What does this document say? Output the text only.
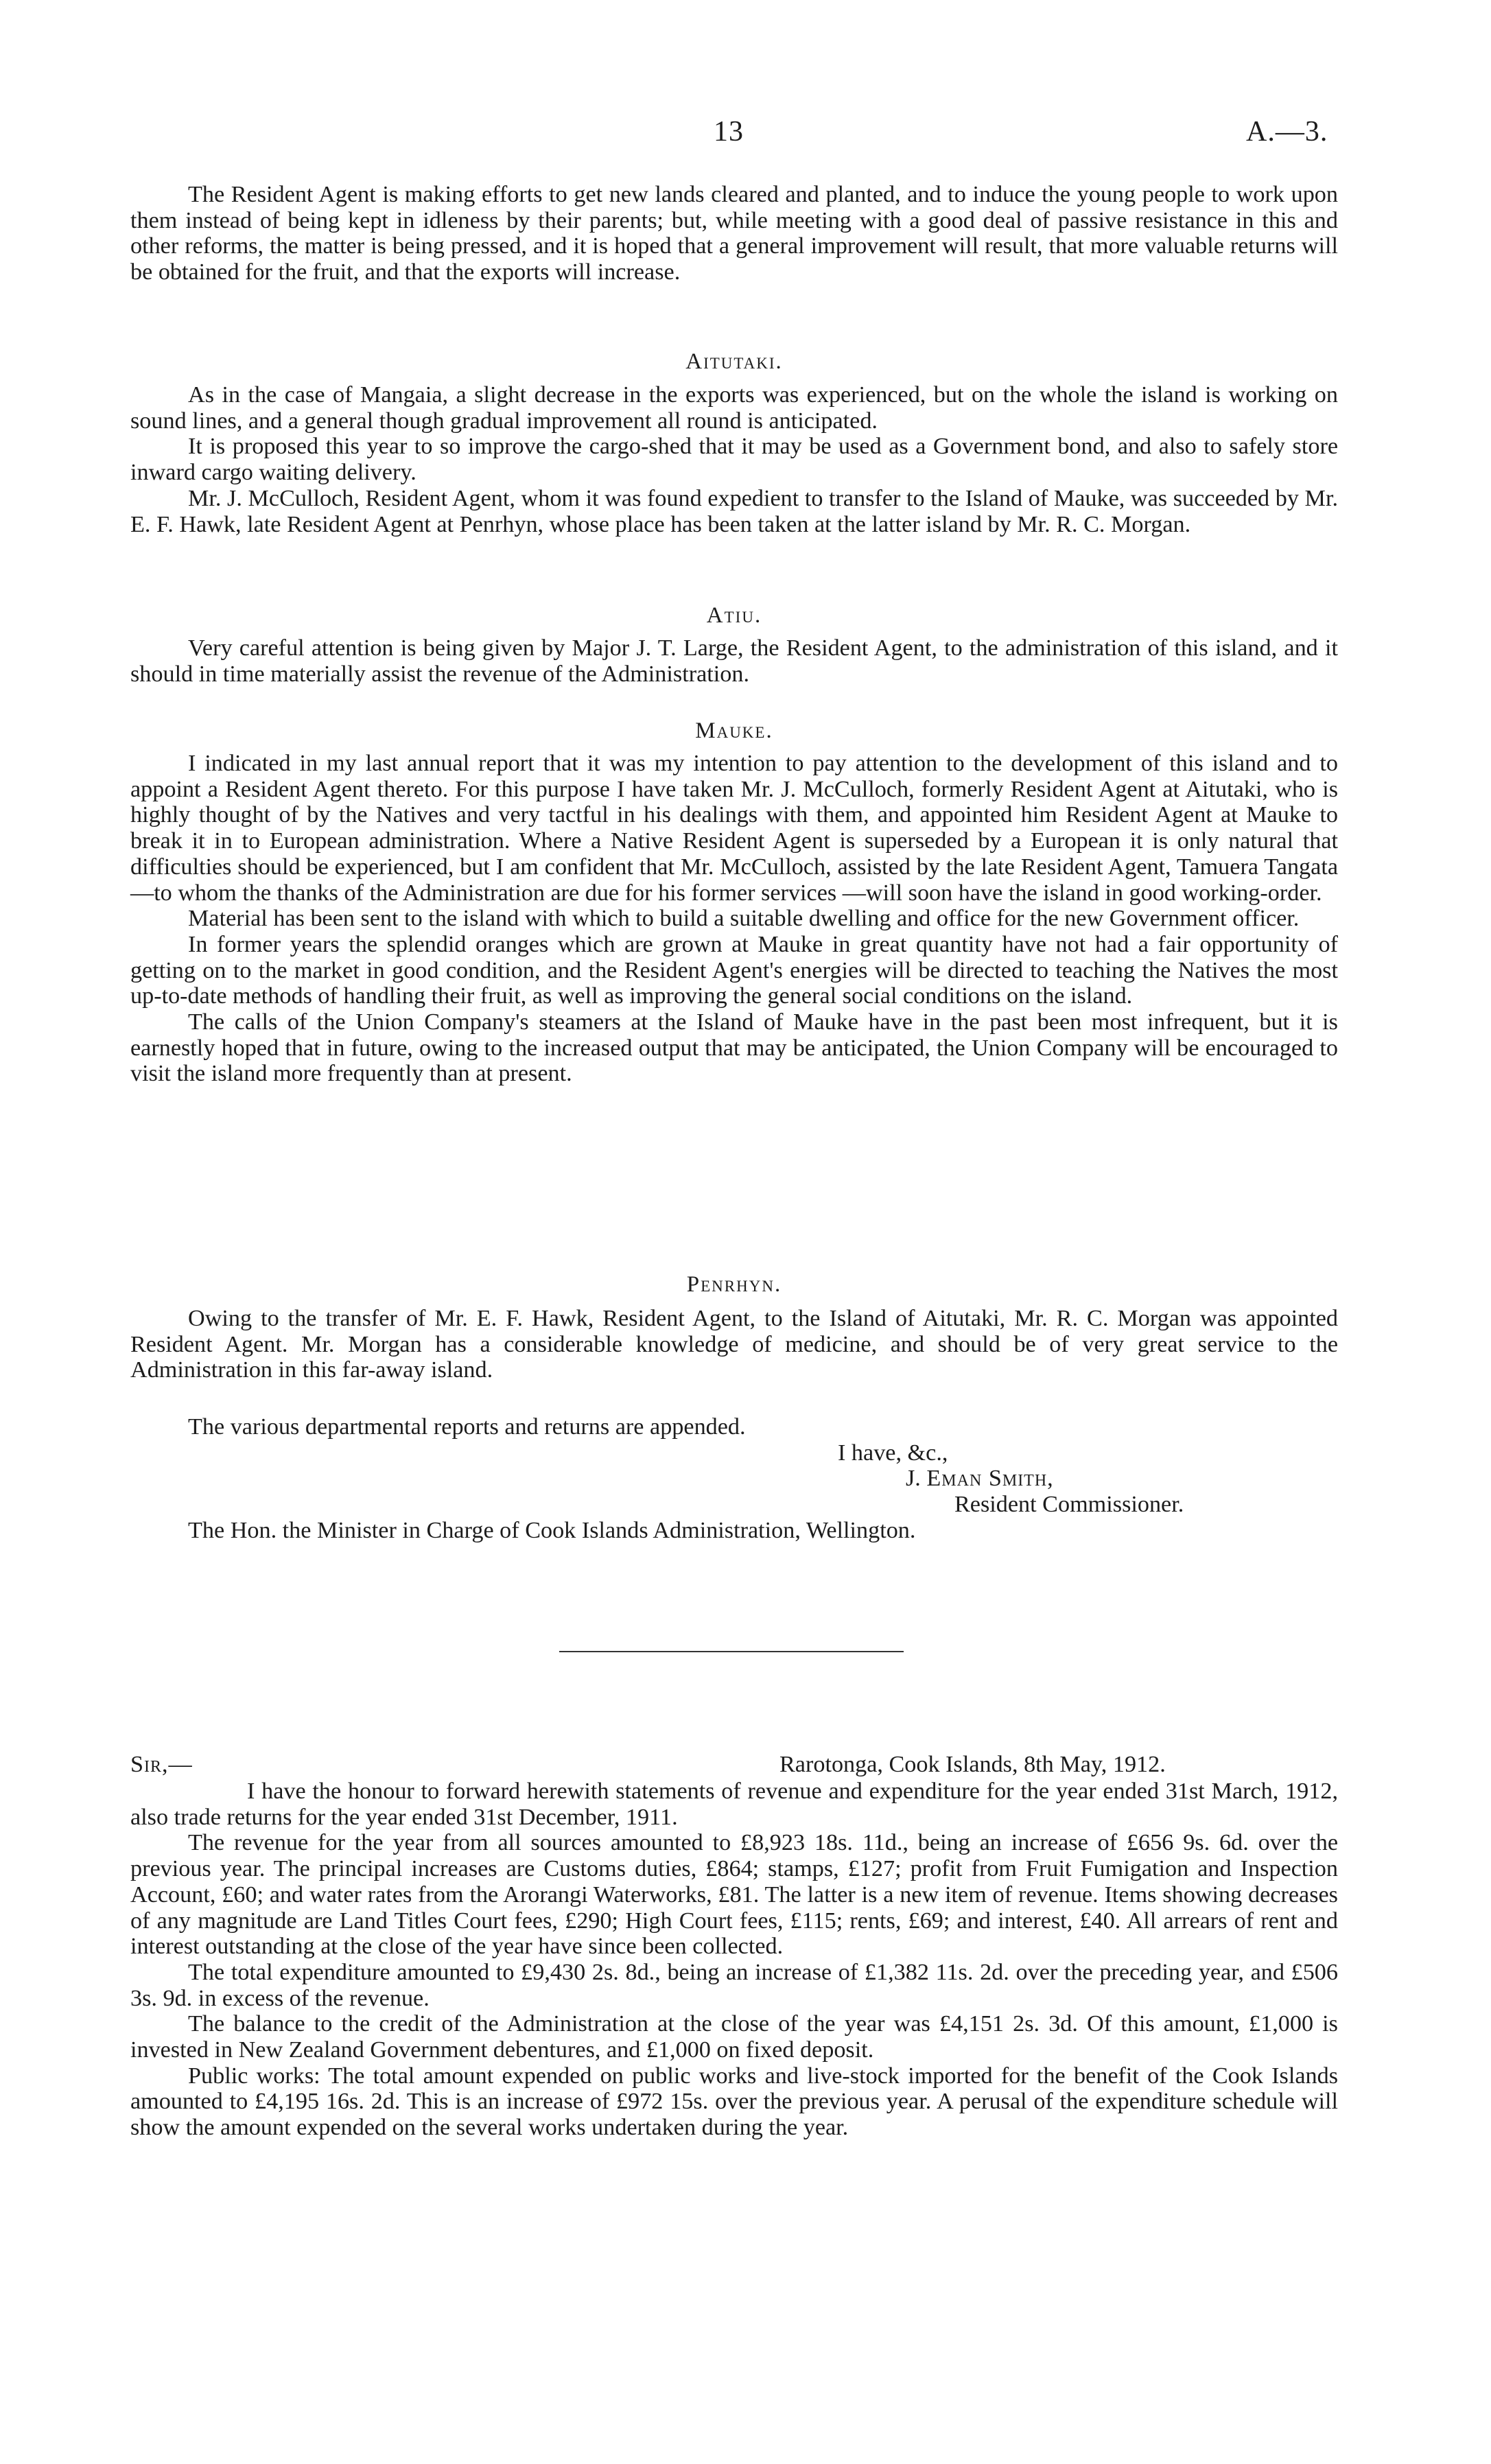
13	A.—3.

The Resident Agent is making efforts to get new lands cleared and planted, and to induce the young people to work upon them instead of being kept in idleness by their parents; but, while meeting with a good deal of passive resistance in this and other reforms, the matter is being pressed, and it is hoped that a general improvement will result, that more valuable returns will be obtained for the fruit, and that the exports will increase.

Aitutaki.

As in the case of Mangaia, a slight decrease in the exports was experienced, but on the whole the island is working on sound lines, and a general though gradual improvement all round is anticipated.

It is proposed this year to so improve the cargo-shed that it may be used as a Government bond, and also to safely store inward cargo waiting delivery.

Mr. J. McCulloch, Resident Agent, whom it was found expedient to transfer to the Island of Mauke, was succeeded by Mr. E. F. Hawk, late Resident Agent at Penrhyn, whose place has been taken at the latter island by Mr. R. C. Morgan.

Atiu.

Very careful attention is being given by Major J. T. Large, the Resident Agent, to the administration of this island, and it should in time materially assist the revenue of the Administration.

Mauke.

I indicated in my last annual report that it was my intention to pay attention to the development of this island and to appoint a Resident Agent thereto. For this purpose I have taken Mr. J. McCulloch, formerly Resident Agent at Aitutaki, who is highly thought of by the Natives and very tactful in his dealings with them, and appointed him Resident Agent at Mauke to break it in to European administration. Where a Native Resident Agent is superseded by a European it is only natural that difficulties should be experienced, but I am confident that Mr. McCulloch, assisted by the late Resident Agent, Tamuera Tangata—to whom the thanks of the Administration are due for his former services —will soon have the island in good working-order.

Material has been sent to the island with which to build a suitable dwelling and office for the new Government officer.

In former years the splendid oranges which are grown at Mauke in great quantity have not had a fair opportunity of getting on to the market in good condition, and the Resident Agent's energies will be directed to teaching the Natives the most up-to-date methods of handling their fruit, as well as improving the general social conditions on the island.

The calls of the Union Company's steamers at the Island of Mauke have in the past been most infrequent, but it is earnestly hoped that in future, owing to the increased output that may be anticipated, the Union Company will be encouraged to visit the island more frequently than at present.

Penrhyn.

Owing to the transfer of Mr. E. F. Hawk, Resident Agent, to the Island of Aitutaki, Mr. R. C. Morgan was appointed Resident Agent. Mr. Morgan has a considerable knowledge of medicine, and should be of very great service to the Administration in this far-away island.

The various departmental reports and returns are appended.
I have, &c.,
J. Eman Smith,
Resident Commissioner.
The Hon. the Minister in Charge of Cook Islands Administration, Wellington.
Sir,—	Rarotonga, Cook Islands, 8th May, 1912.

I have the honour to forward herewith statements of revenue and expenditure for the year ended 31st March, 1912, also trade returns for the year ended 31st December, 1911.

The revenue for the year from all sources amounted to £8,923 18s. 11d., being an increase of £656 9s. 6d. over the previous year. The principal increases are Customs duties, £864; stamps, £127; profit from Fruit Fumigation and Inspection Account, £60; and water rates from the Arorangi Waterworks, £81. The latter is a new item of revenue. Items showing decreases of any magnitude are Land Titles Court fees, £290; High Court fees, £115; rents, £69; and interest, £40. All arrears of rent and interest outstanding at the close of the year have since been collected.

The total expenditure amounted to £9,430 2s. 8d., being an increase of £1,382 11s. 2d. over the preceding year, and £506 3s. 9d. in excess of the revenue.

The balance to the credit of the Administration at the close of the year was £4,151 2s. 3d. Of this amount, £1,000 is invested in New Zealand Government debentures, and £1,000 on fixed deposit.

Public works: The total amount expended on public works and live-stock imported for the benefit of the Cook Islands amounted to £4,195 16s. 2d. This is an increase of £972 15s. over the previous year. A perusal of the expenditure schedule will show the amount expended on the several works undertaken during the year.
